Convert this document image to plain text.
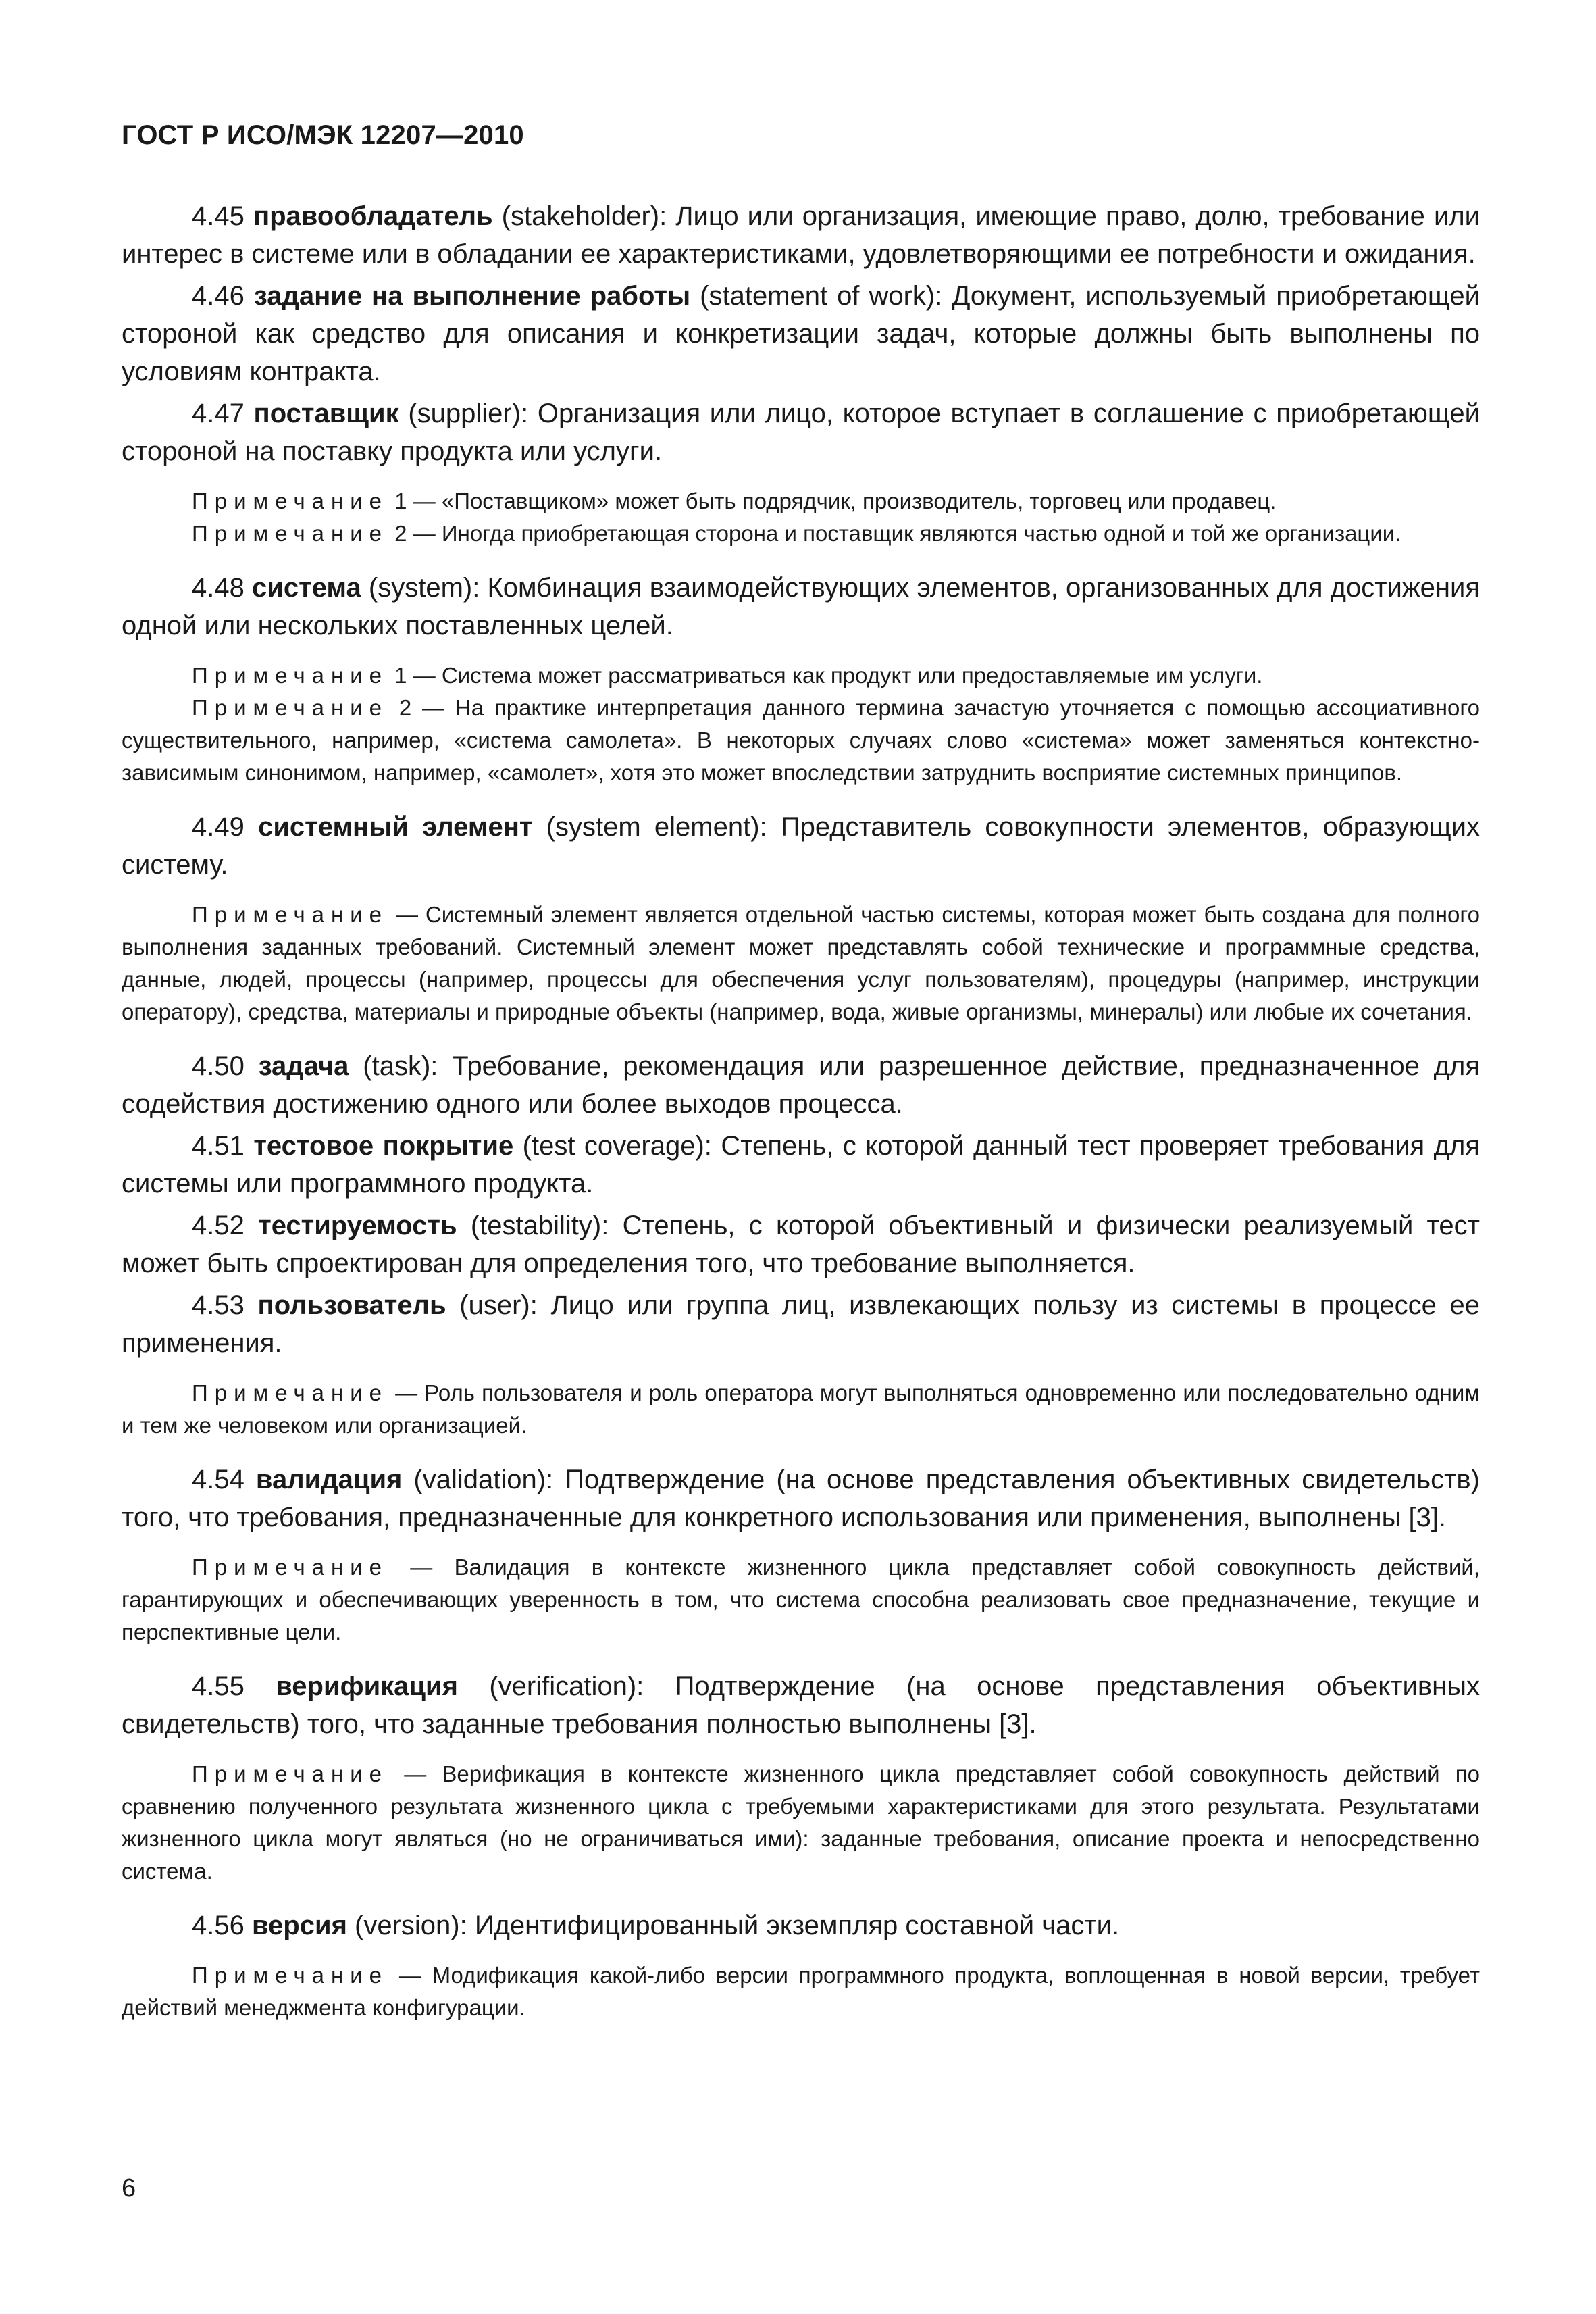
ГОСТ Р ИСО/МЭК 12207—2010

4.45 правообладатель (stakeholder): Лицо или организация, имеющие право, долю, требование или интерес в системе или в обладании ее характеристиками, удовлетворяющими ее потребности и ожидания.

4.46 задание на выполнение работы (statement of work): Документ, используемый приобретающей стороной как средство для описания и конкретизации задач, которые должны быть выполнены по условиям контракта.

4.47 поставщик (supplier): Организация или лицо, которое вступает в соглашение с приобретающей стороной на поставку продукта или услуги.

Примечание 1 — «Поставщиком» может быть подрядчик, производитель, торговец или продавец.

Примечание 2 — Иногда приобретающая сторона и поставщик являются частью одной и той же организации.

4.48 система (system): Комбинация взаимодействующих элементов, организованных для достижения одной или нескольких поставленных целей.

Примечание 1 — Система может рассматриваться как продукт или предоставляемые им услуги.

Примечание 2 — На практике интерпретация данного термина зачастую уточняется с помощью ассоциативного существительного, например, «система самолета». В некоторых случаях слово «система» может заменяться контекстно-зависимым синонимом, например, «самолет», хотя это может впоследствии затруднить восприятие системных принципов.

4.49 системный элемент (system element): Представитель совокупности элементов, образующих систему.

Примечание — Системный элемент является отдельной частью системы, которая может быть создана для полного выполнения заданных требований. Системный элемент может представлять собой технические и программные средства, данные, людей, процессы (например, процессы для обеспечения услуг пользователям), процедуры (например, инструкции оператору), средства, материалы и природные объекты (например, вода, живые организмы, минералы) или любые их сочетания.

4.50 задача (task): Требование, рекомендация или разрешенное действие, предназначенное для содействия достижению одного или более выходов процесса.

4.51 тестовое покрытие (test coverage): Степень, с которой данный тест проверяет требования для системы или программного продукта.

4.52 тестируемость (testability): Степень, с которой объективный и физически реализуемый тест может быть спроектирован для определения того, что требование выполняется.

4.53 пользователь (user): Лицо или группа лиц, извлекающих пользу из системы в процессе ее применения.

Примечание — Роль пользователя и роль оператора могут выполняться одновременно или последовательно одним и тем же человеком или организацией.

4.54 валидация (validation): Подтверждение (на основе представления объективных свидетельств) того, что требования, предназначенные для конкретного использования или применения, выполнены [3].

Примечание — Валидация в контексте жизненного цикла представляет собой совокупность действий, гарантирующих и обеспечивающих уверенность в том, что система способна реализовать свое предназначение, текущие и перспективные цели.

4.55 верификация (verification): Подтверждение (на основе представления объективных свидетельств) того, что заданные требования полностью выполнены [3].

Примечание — Верификация в контексте жизненного цикла представляет собой совокупность действий по сравнению полученного результата жизненного цикла с требуемыми характеристиками для этого результата. Результатами жизненного цикла могут являться (но не ограничиваться ими): заданные требования, описание проекта и непосредственно система.

4.56 версия (version): Идентифицированный экземпляр составной части.

Примечание — Модификация какой-либо версии программного продукта, воплощенная в новой версии, требует действий менеджмента конфигурации.

6
